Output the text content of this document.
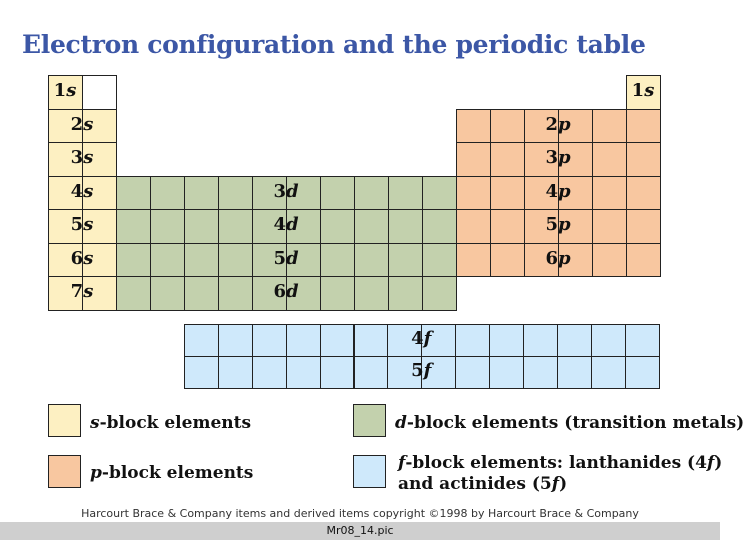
Electron configuration and the periodic table
1s
2s
3s
4s
5s
6s
7s
1s
2p
3p
4p
5p
6p
3d
4d
5d
6d
4f
5f
s-block elements
p-block elements
d-block elements (transition metals)
f-block elements: lanthanides (4f)
and actinides (5f)
Harcourt Brace & Company items and derived items copyright ©1998 by Harcourt Brace & Company
Mr08_14.pic
